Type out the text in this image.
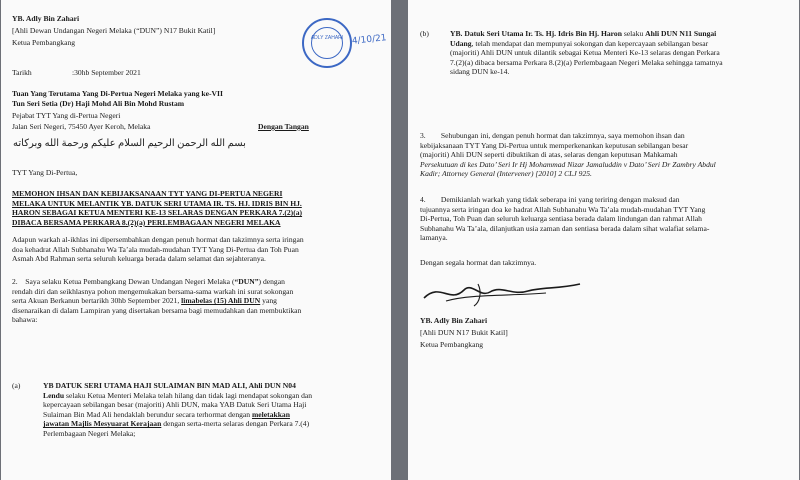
YB. Adly Bin Zahari
[Ahli Dewan Undangan Negeri Melaka (“DUN”) N17 Bukit Katil]
Ketua Pembangkang	ADLY ZAHARI 4/10/21
Tarikh	:30hb September 2021
Tuan Yang Terutama Yang Di-Pertua Negeri Melaka yang ke-VII
Tun Seri Setia (Dr) Haji Mohd Ali Bin Mohd Rustam
Pejabat TYT Yang di-Pertua Negeri
Jalan Seri Negeri, 75450 Ayer Keroh, Melaka	Dengan Tangan
بسم الله الرحمن الرحيم السلام عليكم ورحمة الله وبركاته
TYT Yang Di-Pertua,
MEMOHON IHSAN DAN KEBIJAKSANAAN TYT YANG DI-PERTUA NEGERI
MELAKA UNTUK MELANTIK YB. DATUK SERI UTAMA IR. TS. HJ. IDRIS BIN HJ.
HARON SEBAGAI KETUA MENTERI KE-13 SELARAS DENGAN PERKARA 7.(2)(a)
DIBACA BERSAMA PERKARA 8.(2)(a) PERLEMBAGAAN NEGERI MELAKA
Adapun warkah al-ikhlas ini dipersembahkan dengan penuh hormat dan takzimnya serta iringan
doa kehadrat Allah Subhanahu Wa Ta’ala mudah-mudahan TYT Yang Di-Pertua dan Toh Puan
Asmah Abd Rahman serta seluruh keluarga berada dalam selamat dan sejahteranya.
2. Saya selaku Ketua Pembangkang Dewan Undangan Negeri Melaka (“DUN”) dengan
rendah diri dan seikhlasnya pohon mengemukakan bersama-sama warkah ini surat sokongan
serta Akuan Berkanun bertarikh 30hb September 2021, limabelas (15) Ahli DUN yang
disenaraikan di dalam Lampiran yang disertakan bersama bagi memudahkan dan membuktikan
bahawa:
(a)	YB DATUK SERI UTAMA HAJI SULAIMAN BIN MAD ALI, Ahli DUN N04
Lendu selaku Ketua Menteri Melaka telah hilang dan tidak lagi mendapat sokongan dan
kepercayaan sebilangan besar (majoriti) Ahli DUN, maka YAB Datuk Seri Utama Haji
Sulaiman Bin Mad Ali hendaklah berundur secara terhormat dengan meletakkan
jawatan Majlis Mesyuarat Kerajaan dengan serta-merta selaras dengan Perkara 7.(4)
Perlembagaan Negeri Melaka;
(b)	YB. Datuk Seri Utama Ir. Ts. Hj. Idris Bin Hj. Haron selaku Ahli DUN N11 Sungai
Udang, telah mendapat dan mempunyai sokongan dan kepercayaan sebilangan besar
(majoriti) Ahli DUN untuk dilantik sebagai Ketua Menteri Ke-13 selaras dengan Perkara
7.(2)(a) dibaca bersama Perkara 8.(2)(a) Perlembagaan Negeri Melaka sehingga tamatnya
sidang DUN ke-14.
3. Sehubungan ini, dengan penuh hormat dan takzimnya, saya memohon ihsan dan
kebijaksanaan TYT Yang Di-Pertua untuk memperkenankan keputusan sebilangan besar
(majoriti) Ahli DUN seperti dibuktikan di atas, selaras dengan keputusan Mahkamah
Persekutuan di kes Dato’ Seri Ir Hj Mohammad Nizar Jamaluddin v Dato’ Seri Dr Zambry Abdul
Kadir; Attorney General (Intervener) [2010] 2 CLJ 925.
4. Demikianlah warkah yang tidak seberapa ini yang teriring dengan maksud dan
tujuannya serta iringan doa ke hadrat Allah Subhanahu Wa Ta’ala mudah-mudahan TYT Yang
Di-Pertua, Toh Puan dan seluruh keluarga sentiasa berada dalam lindungan dan rahmat Allah
Subhanahu Wa Ta’ala, dilanjutkan usia zaman dan sentiasa berada dalam sihat walafiat selama-
lamanya.
Dengan segala hormat dan takzimnya.
YB. Adly Bin Zahari
[Ahli DUN N17 Bukit Katil]
Ketua Pembangkang
